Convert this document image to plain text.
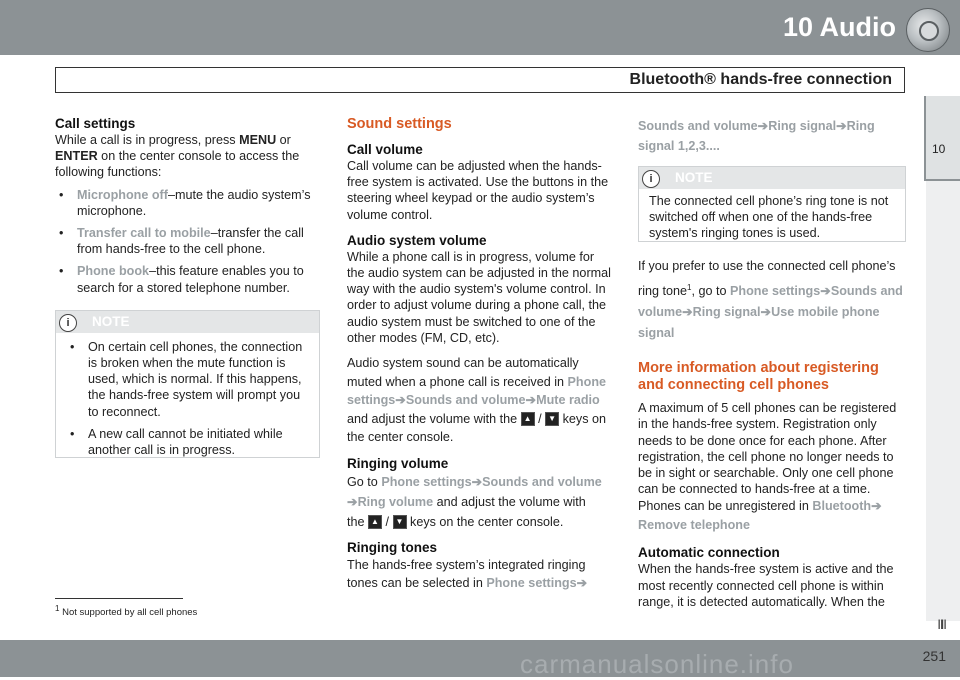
10 Audio
Bluetooth® hands-free connection
10
Call settings

While a call is in progress, press MENU or
ENTER on the center console to access the following functions:

• Microphone off–mute the audio system’s microphone.
• Transfer call to mobile–transfer the call from hands-free to the cell phone.
• Phone book–this feature enables you to search for a stored telephone number.
i	NOTE
• On certain cell phones, the connection is broken when the mute function is used, which is normal. If this happens, the hands-free system will prompt you to reconnect.
• A new call cannot be initiated while another call is in progress.
Sound settings
Call volume

Call volume can be adjusted when the hands-free system is activated. Use the buttons in the steering wheel keypad or the audio system’s volume control.

Audio system volume

While a phone call is in progress, volume for the audio system can be adjusted in the normal way with the audio system's volume control. In order to adjust volume during a phone call, the audio system must be switched to one of the other modes (FM, CD, etc).

Audio system sound can be automatically muted when a phone call is received in Phone settings➔Sounds and volume➔Mute radio and adjust the volume with the ▲ / ▼ keys on the center console.

Ringing volume

Go to Phone settings➔Sounds and volume
➔Ring volume and adjust the volume with
the ▲ / ▼ keys on the center console.

Ringing tones

The hands-free system’s integrated ringing tones can be selected in Phone settings➔

Sounds and volume➔Ring signal➔Ring signal 1,2,3....

i	NOTE

The connected cell phone’s ring tone is not switched off when one of the hands-free system's ringing tones is used.

If you prefer to use the connected cell phone’s ring tone$^1$, go to Phone settings➔Sounds and volume➔Ring signal➔Use mobile phone signal

More information about registering and connecting cell phones

A maximum of 5 cell phones can be registered in the hands-free system. Registration only needs to be done once for each phone. After registration, the cell phone no longer needs to be in sight or searchable. Only one cell phone can be connected to hands-free at a time.

Phones can be unregistered in Bluetooth➔
Remove telephone

Automatic connection

When the hands-free system is active and the most recently connected cell phone is within range, it is detected automatically. When the

$^1$ Not supported by all cell phones
ⅡⅡ
carmanualsonline.info	251
